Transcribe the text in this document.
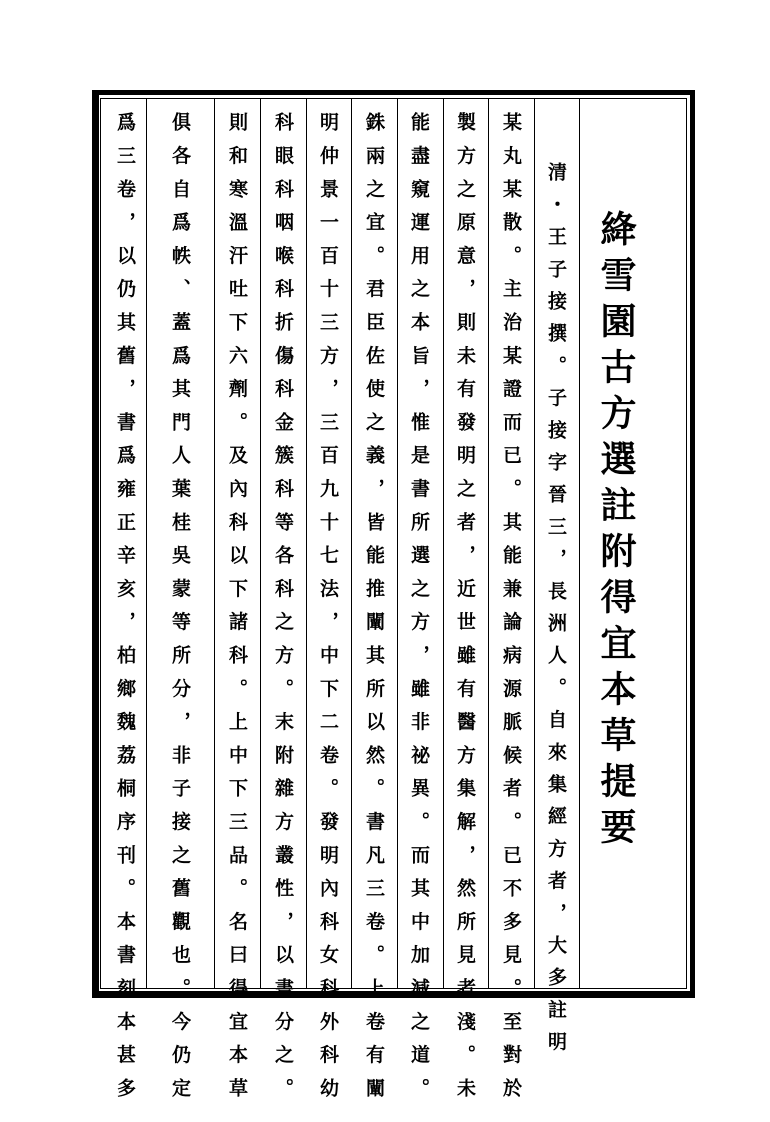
絳雪園古方選註附得宜本草提要
清・王子接撰。子接字晉三，長洲人。自來集經方者，大多註明
某丸某散。主治某證而已。其能兼論病源脈候者。已不多見。至對於
製方之原意，則未有發明之者，近世雖有醫方集解，然所見者淺。未
能盡窺運用之本旨，惟是書所選之方，雖非祕異。而其中加減之道。
銖兩之宜。君臣佐使之義，皆能推闡其所以然。書凡三卷。上卷有闡
明仲景一百十三方，三百九十七法，中下二卷。發明內科女科外科幼
科眼科咽喉科折傷科金簇科等各科之方。末附雜方叢性，以書分之。
則和寒溫汗吐下六劑。及內科以下諸科。上中下三品。名曰得宜本草
俱各自爲帙、蓋爲其門人葉桂吳蒙等所分，非子接之舊觀也。今仍定
爲三卷，以仍其舊，書爲雍正辛亥，柏鄉魏荔桐序刊。本書刻本甚多
